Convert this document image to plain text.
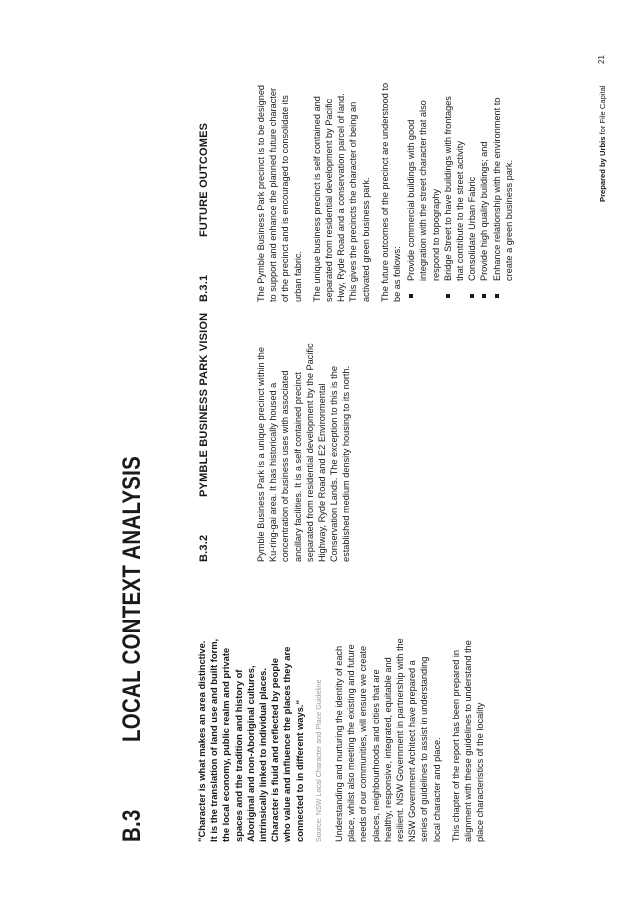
B.3LOCAL CONTEXT ANALYSIS	"Character is what makes an area distinctive. It is the translation of land use and built form, the local economy, public realm and private spaces and the tradition and history of Aboriginal and non-Aboriginal cultures, intrinsically linked to individual places. Character is fluid and reflected by people who value and influence the places they are connected to in different ways." Source: NSW Local Character and Place Guideline Understanding and nurturing the identity of each place, whilst also meeting the existing and future needs of our communities, will ensure we create places, neighbourhoods and cities that are healthy, responsive, integrated, equitable and resilient. NSW Government in partnership with the NSW Government Architect have prepared a series of guidelines to assist in understanding local character and place. This chapter of the report has been prepared in alignment with these guidelines to understand the place characteristics of the locality

B.3.2PYMBLE BUSINESS PARK VISION	Pymble Business Park is a unique precinct within the Ku-ring-gai area. It has historically housed a concentration of business uses with associated ancillary facilities. It is a self contained precinct separated from residential development by the Pacific Highway, Ryde Road and E2 Environmental Conservation Lands. The exception to this is the established medium density housing to its north.

B.3.1FUTURE OUTCOMES	The Pymble Business Park precinct is to be designed to support and enhance the planned future character of the precinct and is encouraged to consolidate its urban fabric. The unique business precinct is self contained and separated from residential development by Pacific Hwy, Ryde Road and a conservation parcel of land. This gives the precincts the character of being an activated green business park. The future outcomes of the precinct are understood to be as follows: Provide commercial buildings with good integration with the street character that also respond to topography Bridge Street to have buildings with frontages that contribute to the street activity Consolidate Urban Fabric Provide high quality buildings; and Enhance relationship with the environment to create a green business park.	Prepared by Urbis for File Capital
21
